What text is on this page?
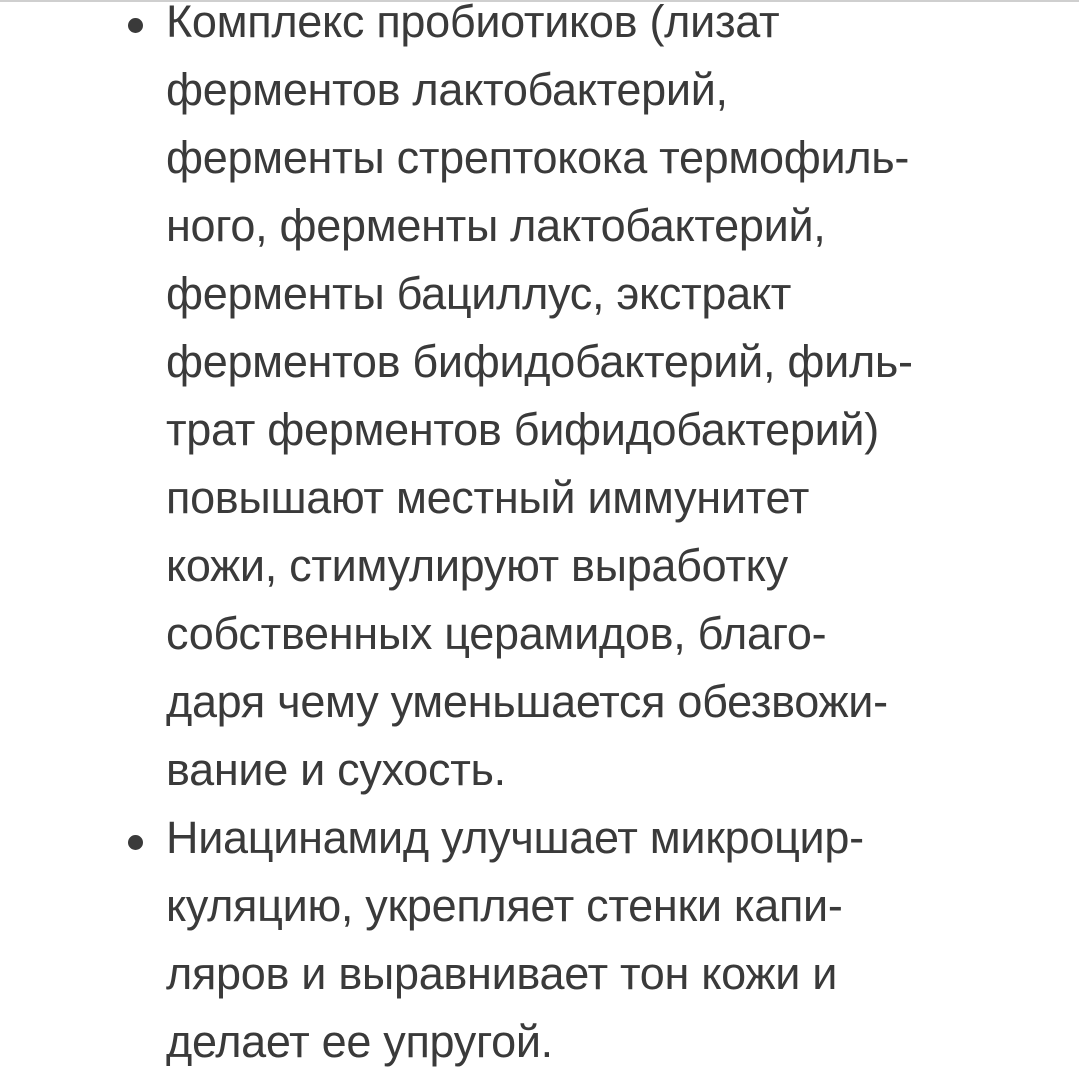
Комплекс пробиотиков (лизат
ферментов лактобактерий,
ферменты стрептокока термофиль-
ного, ферменты лактобактерий,
ферменты бациллус, экстракт
ферментов бифидобактерий, филь-
трат ферментов бифидобактерий)
повышают местный иммунитет
кожи, стимулируют выработку
собственных церамидов, благо-
даря чему уменьшается обезвожи-
вание и сухость.
Ниацинамид улучшает микроцир-
куляцию, укрепляет стенки капи-
ляров и выравнивает тон кожи и
делает ее упругой.
